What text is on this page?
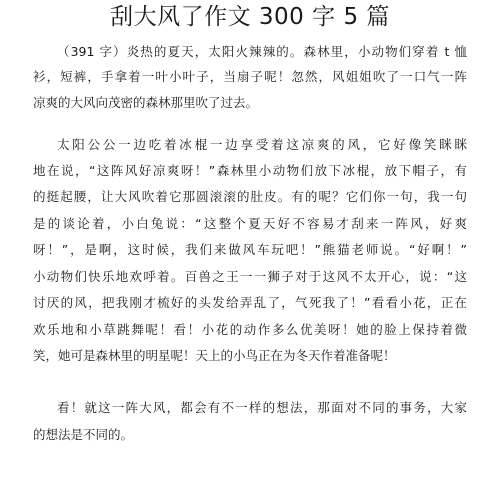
刮大风了作文 300 字 5 篇
（391 字）炎热的夏天，太阳火辣辣的。森林里，小动物们穿着 t 恤
衫，短裤，手拿着一叶小叶子，当扇子呢！忽然，风姐姐吹了一口气一阵
凉爽的大风向茂密的森林那里吹了过去。
太阳公公一边吃着冰棍一边享受着这凉爽的风，它好像笑眯眯
地在说，“这阵风好凉爽呀！”森林里小动物们放下冰棍，放下帽子，有
的挺起腰，让大风吹着它那圆滚滚的肚皮。有的呢？它们你一句，我一句
是的谈论着，小白兔说：“这整个夏天好不容易才刮来一阵风，好爽
呀！”，是啊，这时候，我们来做风车玩吧！”熊猫老师说。“好啊！”
小动物们快乐地欢呼着。百兽之王一一狮子对于这风不太开心，说：“这
讨厌的风，把我刚才梳好的头发给弄乱了，气死我了！”看看小花，正在
欢乐地和小草跳舞呢！看！小花的动作多么优美呀！她的脸上保持着微
笑，她可是森林里的明星呢！天上的小鸟正在为冬天作着准备呢！
看！就这一阵大风，都会有不一样的想法，那面对不同的事务，大家
的想法是不同的。
